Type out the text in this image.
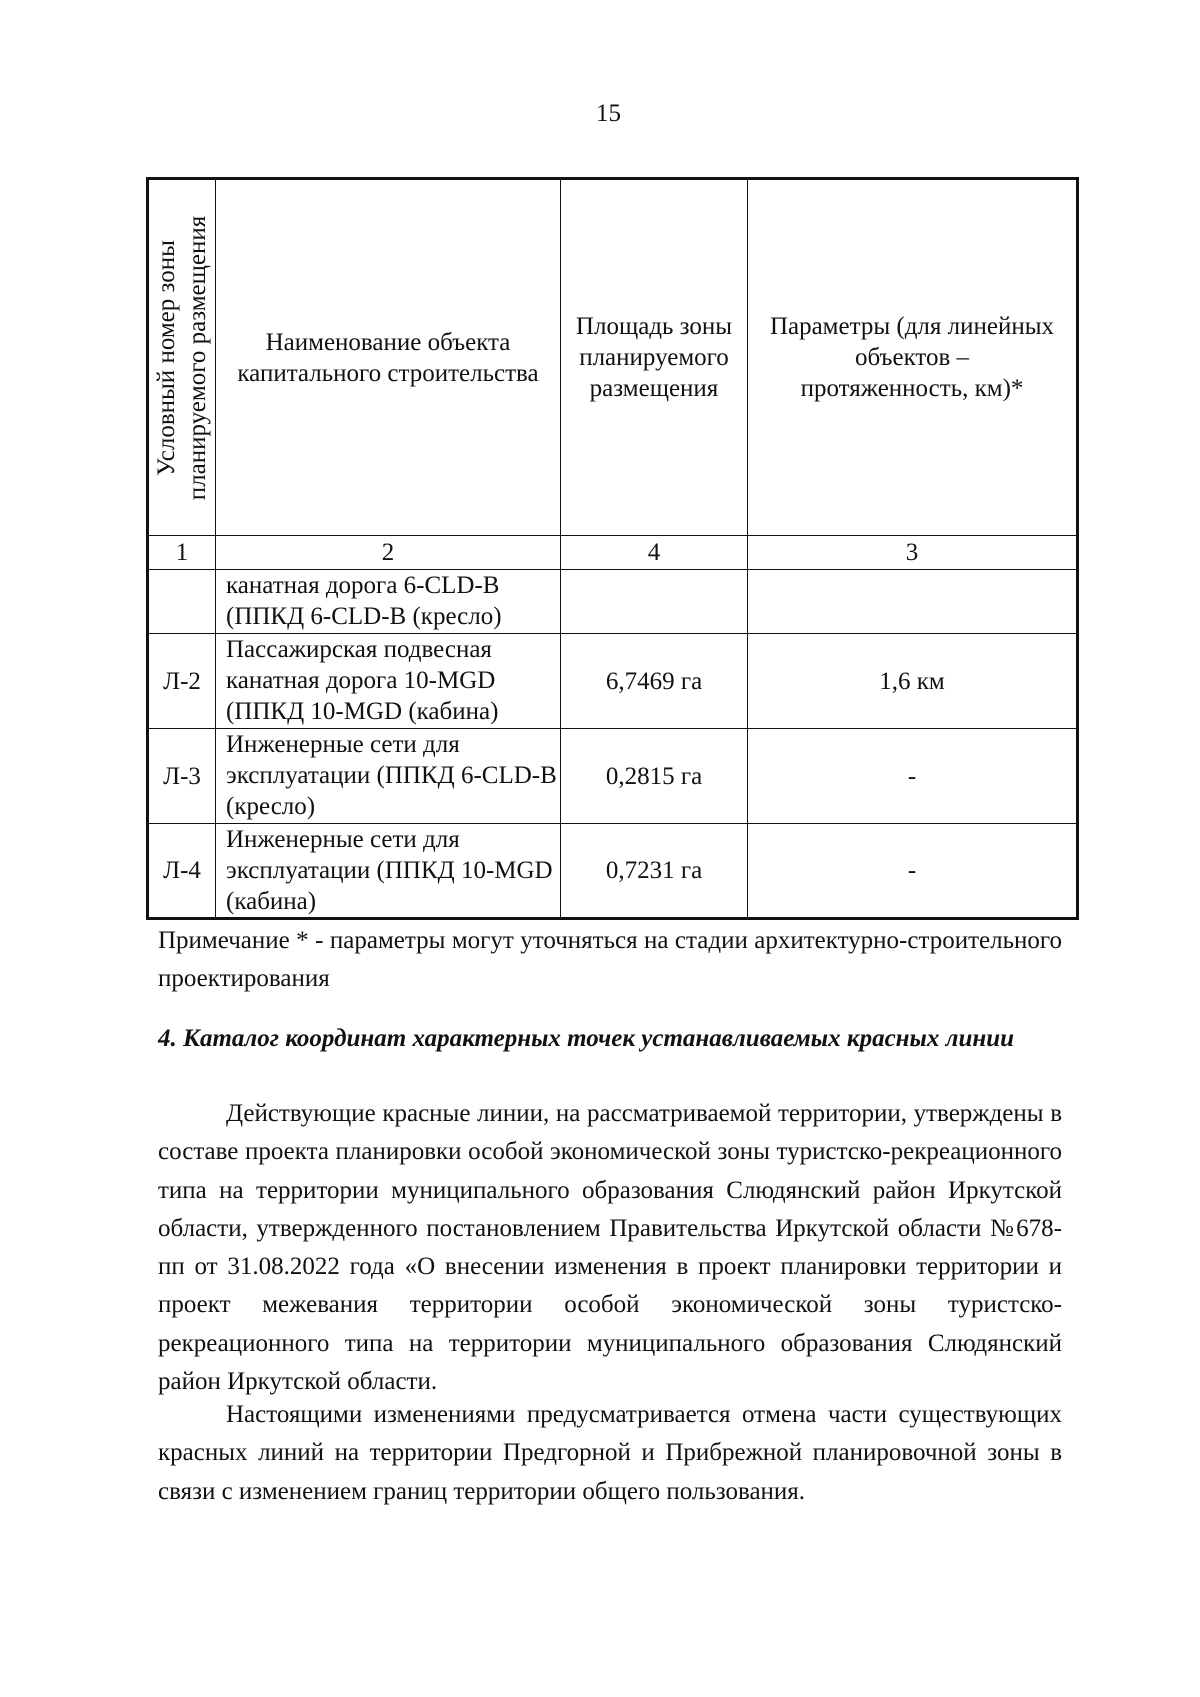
15
Условный номер зоны планируемого размещения	Наименование объекта капитального строительства	Площадь зоны планируемого размещения	Параметры (для линейных объектов – протяженность, км)*
1	2	4	3
	канатная дорога 6-CLD-B (ППКД 6-CLD-B (кресло)		
Л-2	Пассажирская подвесная канатная дорога 10-MGD (ППКД 10-MGD (кабина)	6,7469 га	1,6 км
Л-3	Инженерные сети для эксплуатации (ППКД 6-CLD-B (кресло)	0,2815 га	-
Л-4	Инженерные сети для эксплуатации (ППКД 10-MGD (кабина)	0,7231 га	-
Примечание * - параметры могут уточняться на стадии архитектурно-строительного проектирования
4. Каталог координат характерных точек устанавливаемых красных линии

Действующие красные линии, на рассматриваемой территории, утверждены в составе проекта планировки особой экономической зоны туристско-рекреационного типа на территории муниципального образования Слюдянский район Иркутской области, утвержденного постановлением Правительства Иркутской области №678-пп от 31.08.2022 года «О внесении изменения в проект планировки территории и проект межевания территории особой экономической зоны туристско-рекреационного типа на территории муниципального образования Слюдянский район Иркутской области.

Настоящими изменениями предусматривается отмена части существующих красных линий на территории Предгорной и Прибрежной планировочной зоны в связи с изменением границ территории общего пользования.
